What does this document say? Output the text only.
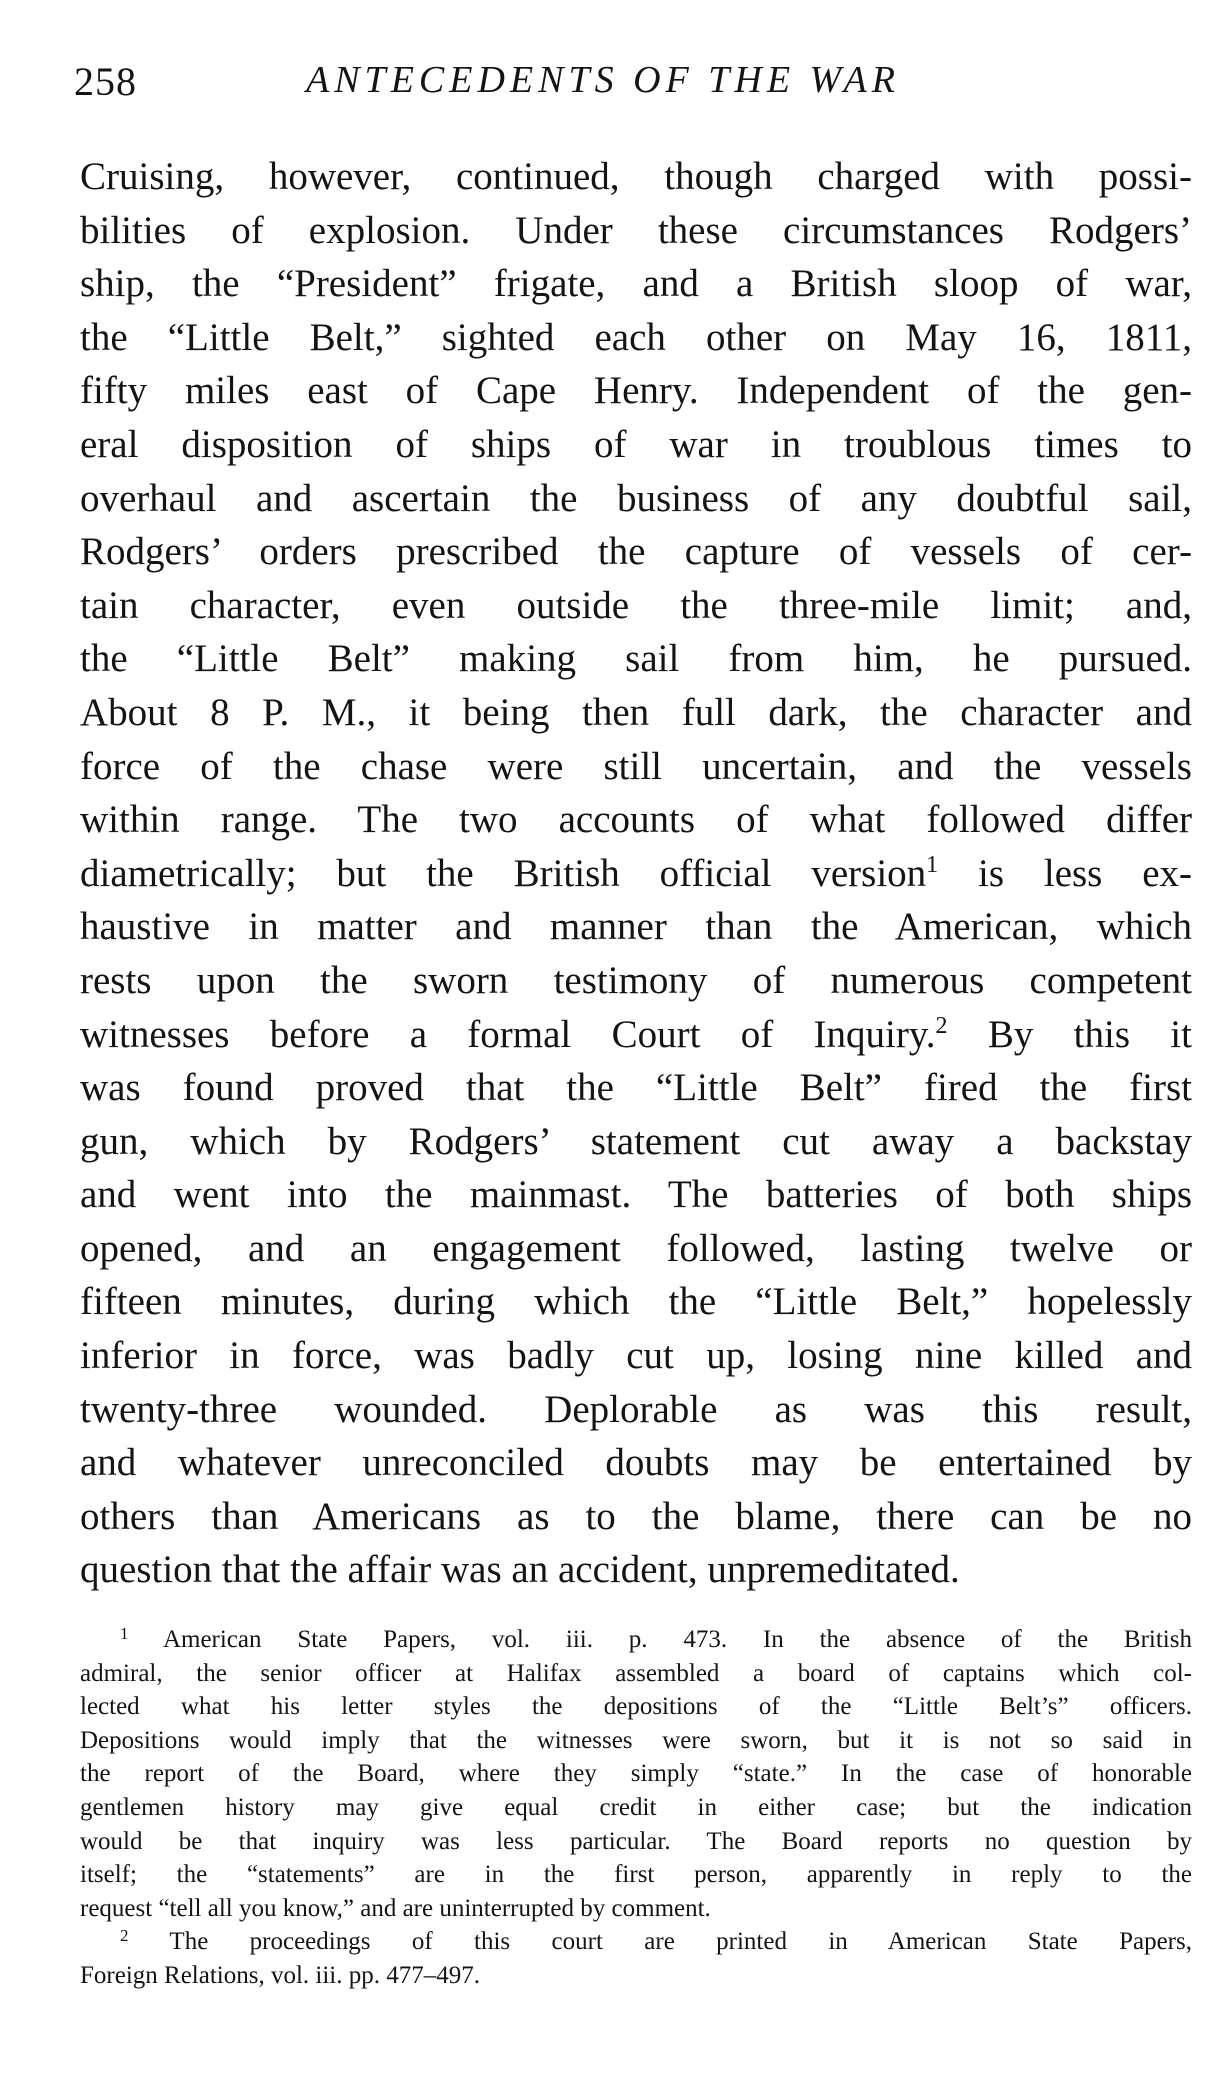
258	ANTECEDENTS OF THE WAR
Cruising, however, continued, though charged with possi-
bilities of explosion. Under these circumstances Rodgers’
ship, the “President” frigate, and a British sloop of war,
the “Little Belt,” sighted each other on May 16, 1811,
fifty miles east of Cape Henry. Independent of the gen-
eral disposition of ships of war in troublous times to
overhaul and ascertain the business of any doubtful sail,
Rodgers’ orders prescribed the capture of vessels of cer-
tain character, even outside the three-mile limit; and,
the “Little Belt” making sail from him, he pursued.
About 8 P. M., it being then full dark, the character and
force of the chase were still uncertain, and the vessels
within range. The two accounts of what followed differ
diametrically; but the British official version$^1$ is less ex-
haustive in matter and manner than the American, which
rests upon the sworn testimony of numerous competent
witnesses before a formal Court of Inquiry.$^2$ By this it
was found proved that the “Little Belt” fired the first
gun, which by Rodgers’ statement cut away a backstay
and went into the mainmast. The batteries of both ships
opened, and an engagement followed, lasting twelve or
fifteen minutes, during which the “Little Belt,” hopelessly
inferior in force, was badly cut up, losing nine killed and
twenty-three wounded. Deplorable as was this result,
and whatever unreconciled doubts may be entertained by
others than Americans as to the blame, there can be no
question that the affair was an accident, unpremeditated.
$^1$ American State Papers, vol. iii. p. 473. In the absence of the British
admiral, the senior officer at Halifax assembled a board of captains which col-
lected what his letter styles the depositions of the “Little Belt’s” officers.
Depositions would imply that the witnesses were sworn, but it is not so said in
the report of the Board, where they simply “state.” In the case of honorable
gentlemen history may give equal credit in either case; but the indication
would be that inquiry was less particular. The Board reports no question by
itself; the “statements” are in the first person, apparently in reply to the
request “tell all you know,” and are uninterrupted by comment.
$^2$ The proceedings of this court are printed in American State Papers,
Foreign Relations, vol. iii. pp. 477–497.
